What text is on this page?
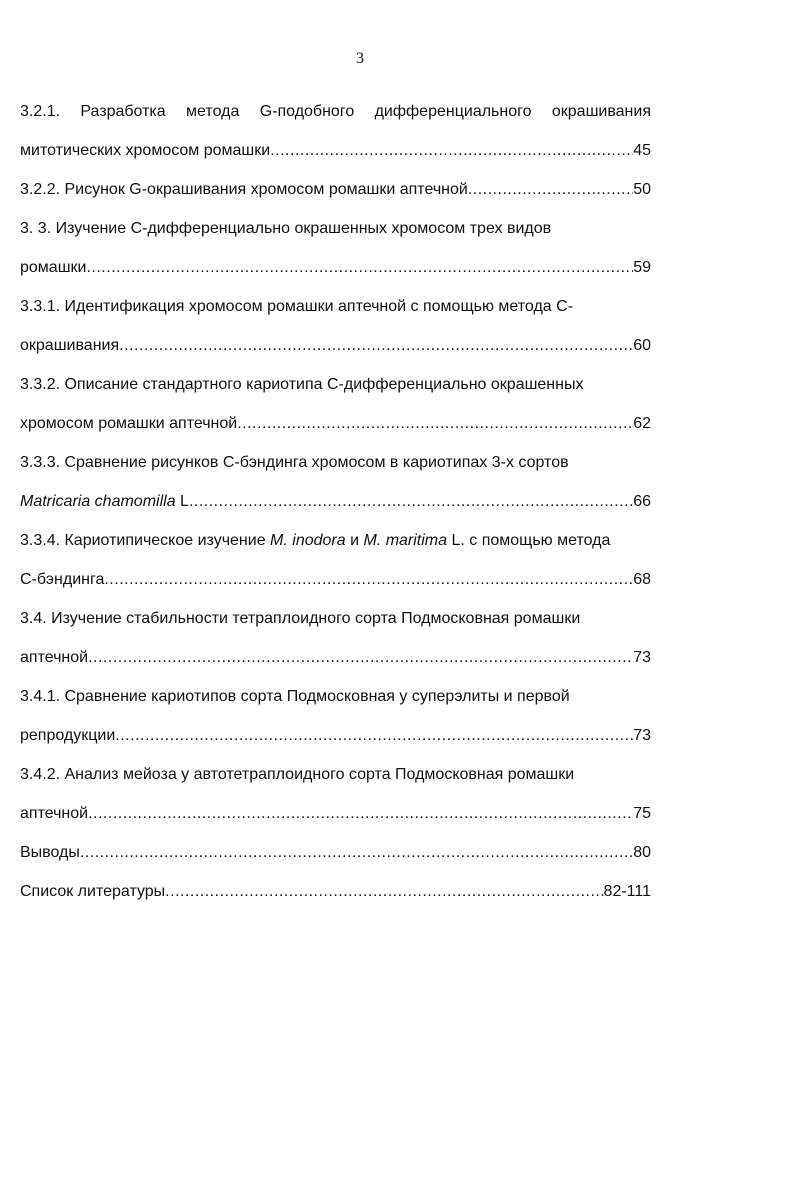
3
3.2.1. Разработка метода G-подобного дифференциального окрашивания
митотических хромосом ромашки .....	45
3.2.2. Рисунок G-окрашивания хромосом ромашки аптечной .....	50
3. 3. Изучение С-дифференциально окрашенных хромосом трех видов
ромашки .....	59
3.3.1. Идентификация хромосом ромашки аптечной с помощью метода С-
окрашивания .....	60
3.3.2. Описание стандартного кариотипа С-дифференциально окрашенных
хромосом ромашки аптечной .....	62
3.3.3. Сравнение рисунков С-бэндинга хромосом в кариотипах 3-х сортов
Matricaria chamomilla L .....	66
3.3.4. Кариотипическое изучение M. inodora и M. maritima L. с помощью метода
С-бэндинга .....	68
3.4. Изучение стабильности тетраплоидного сорта Подмосковная ромашки
аптечной .....	73
3.4.1. Сравнение кариотипов сорта Подмосковная у суперэлиты и первой
репродукции .....	73
3.4.2. Анализ мейоза у автотетраплоидного сорта Подмосковная ромашки
аптечной .....	75
Выводы .....	80
Список литературы .....	82-111
